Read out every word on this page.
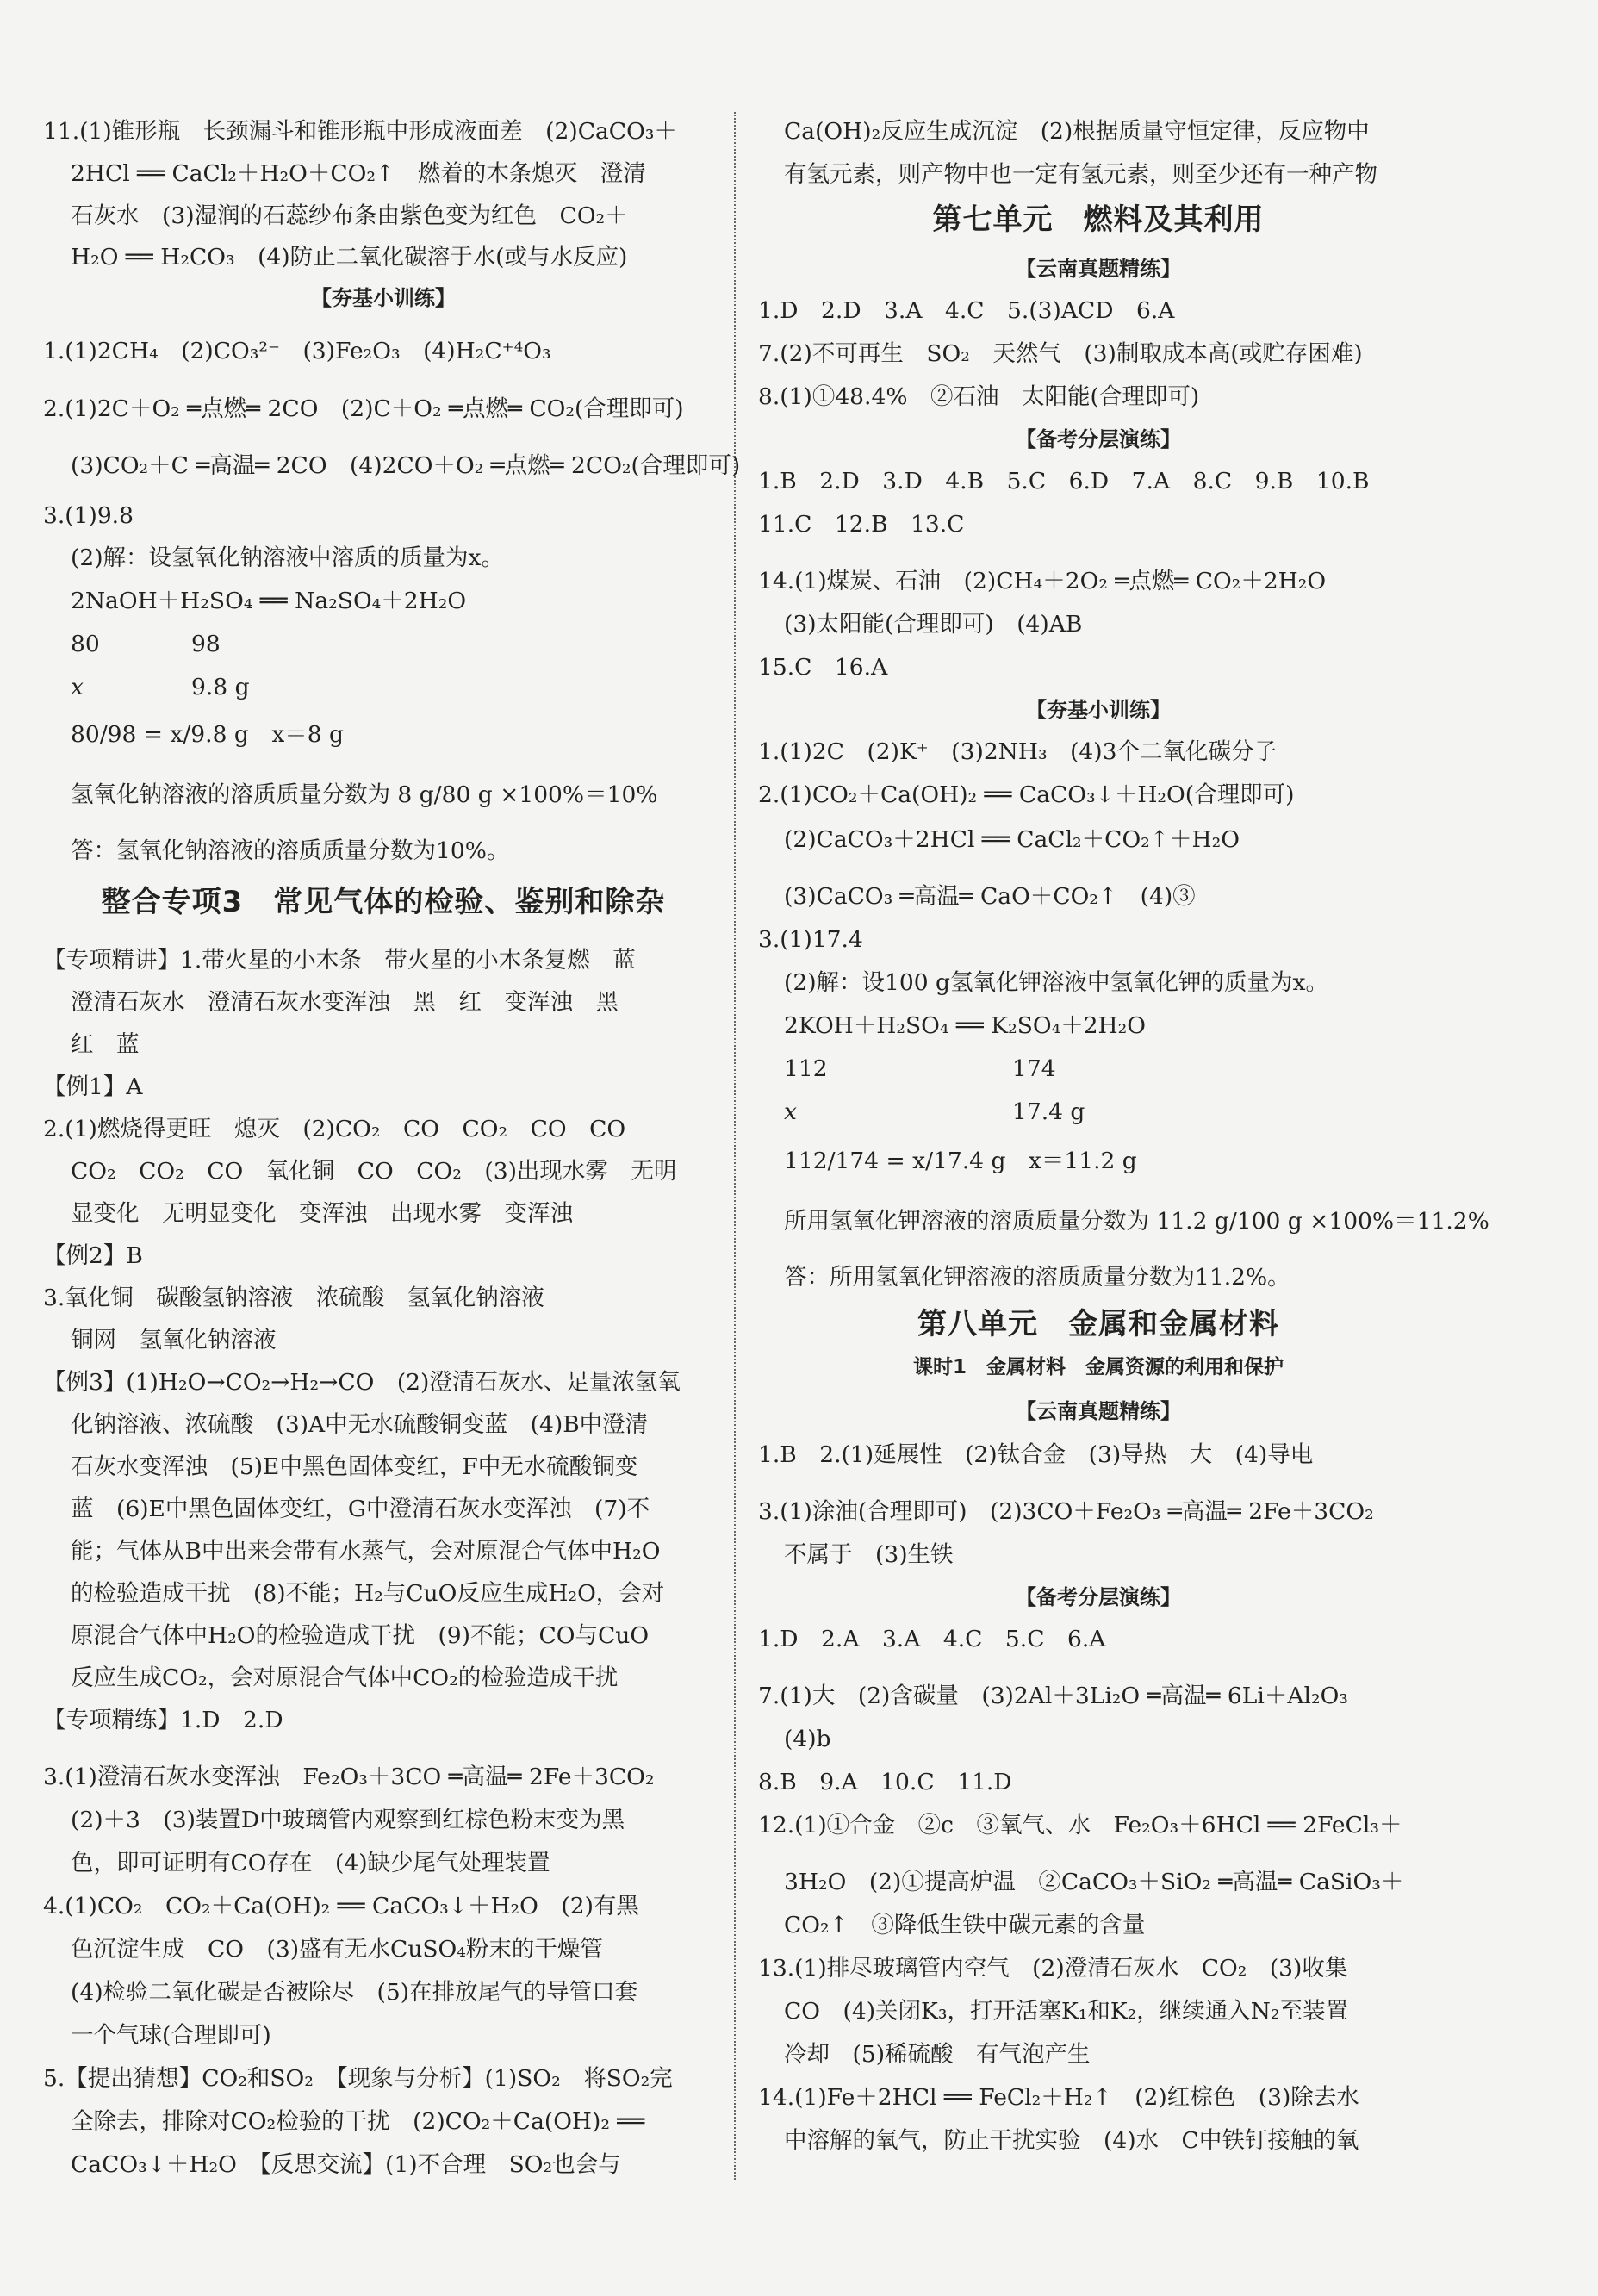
11.(1)锥形瓶　长颈漏斗和锥形瓶中形成液面差　(2)CaCO₃＋
2HCl ══ CaCl₂＋H₂O＋CO₂↑　燃着的木条熄灭　澄清
石灰水　(3)湿润的石蕊纱布条由紫色变为红色　CO₂＋
H₂O ══ H₂CO₃　(4)防止二氧化碳溶于水(或与水反应)
【夯基小训练】
1.(1)2CH₄　(2)CO₃²⁻　(3)Fe₂O₃　(4)H₂C⁺⁴O₃
2.(1)2C＋O₂ ═点燃═ 2CO　(2)C＋O₂ ═点燃═ CO₂(合理即可)
(3)CO₂＋C ═高温═ 2CO　(4)2CO＋O₂ ═点燃═ 2CO₂(合理即可)
3.(1)9.8
(2)解：设氢氧化钠溶液中溶质的质量为x。
2NaOH＋H₂SO₄ ══ Na₂SO₄＋2H₂O
80	98
x	9.8 g
80/98 = x/9.8 g　x＝8 g
氢氧化钠溶液的溶质质量分数为 8 g/80 g ×100%＝10%
答：氢氧化钠溶液的溶质质量分数为10%。
整合专项3　常见气体的检验、鉴别和除杂
【专项精讲】1.带火星的小木条　带火星的小木条复燃　蓝
澄清石灰水　澄清石灰水变浑浊　黑　红　变浑浊　黑
红　蓝
【例1】A
2.(1)燃烧得更旺　熄灭　(2)CO₂　CO　CO₂　CO　CO
CO₂　CO₂　CO　氧化铜　CO　CO₂　(3)出现水雾　无明
显变化　无明显变化　变浑浊　出现水雾　变浑浊
【例2】B
3.氧化铜　碳酸氢钠溶液　浓硫酸　氢氧化钠溶液
铜网　氢氧化钠溶液
【例3】(1)H₂O→CO₂→H₂→CO　(2)澄清石灰水、足量浓氢氧
化钠溶液、浓硫酸　(3)A中无水硫酸铜变蓝　(4)B中澄清
石灰水变浑浊　(5)E中黑色固体变红，F中无水硫酸铜变
蓝　(6)E中黑色固体变红，G中澄清石灰水变浑浊　(7)不
能；气体从B中出来会带有水蒸气，会对原混合气体中H₂O
的检验造成干扰　(8)不能；H₂与CuO反应生成H₂O，会对
原混合气体中H₂O的检验造成干扰　(9)不能；CO与CuO
反应生成CO₂，会对原混合气体中CO₂的检验造成干扰
【专项精练】1.D　2.D
3.(1)澄清石灰水变浑浊　Fe₂O₃＋3CO ═高温═ 2Fe＋3CO₂
(2)＋3　(3)装置D中玻璃管内观察到红棕色粉末变为黑
色，即可证明有CO存在　(4)缺少尾气处理装置
4.(1)CO₂　CO₂＋Ca(OH)₂ ══ CaCO₃↓＋H₂O　(2)有黑
色沉淀生成　CO　(3)盛有无水CuSO₄粉末的干燥管
(4)检验二氧化碳是否被除尽　(5)在排放尾气的导管口套
一个气球(合理即可)
5.【提出猜想】CO₂和SO₂　【现象与分析】(1)SO₂　将SO₂完
全除去，排除对CO₂检验的干扰　(2)CO₂＋Ca(OH)₂ ══
CaCO₃↓＋H₂O　【反思交流】(1)不合理　SO₂也会与
Ca(OH)₂反应生成沉淀　(2)根据质量守恒定律，反应物中
有氢元素，则产物中也一定有氢元素，则至少还有一种产物
第七单元　燃料及其利用
【云南真题精练】
1.D　2.D　3.A　4.C　5.(3)ACD　6.A
7.(2)不可再生　SO₂　天然气　(3)制取成本高(或贮存困难)
8.(1)①48.4%　②石油　太阳能(合理即可)
【备考分层演练】
1.B　2.D　3.D　4.B　5.C　6.D　7.A　8.C　9.B　10.B
11.C　12.B　13.C
14.(1)煤炭、石油　(2)CH₄＋2O₂ ═点燃═ CO₂＋2H₂O
(3)太阳能(合理即可)　(4)AB
15.C　16.A
【夯基小训练】
1.(1)2C　(2)K⁺　(3)2NH₃　(4)3个二氧化碳分子
2.(1)CO₂＋Ca(OH)₂ ══ CaCO₃↓＋H₂O(合理即可)
(2)CaCO₃＋2HCl ══ CaCl₂＋CO₂↑＋H₂O
(3)CaCO₃ ═高温═ CaO＋CO₂↑　(4)③
3.(1)17.4
(2)解：设100 g氢氧化钾溶液中氢氧化钾的质量为x。
2KOH＋H₂SO₄ ══ K₂SO₄＋2H₂O
112	174
x	17.4 g
112/174 = x/17.4 g　x＝11.2 g
所用氢氧化钾溶液的溶质质量分数为 11.2 g/100 g ×100%＝11.2%
答：所用氢氧化钾溶液的溶质质量分数为11.2%。
第八单元　金属和金属材料
课时1　金属材料　金属资源的利用和保护
【云南真题精练】
1.B　2.(1)延展性　(2)钛合金　(3)导热　大　(4)导电
3.(1)涂油(合理即可)　(2)3CO＋Fe₂O₃ ═高温═ 2Fe＋3CO₂
不属于　(3)生铁
【备考分层演练】
1.D　2.A　3.A　4.C　5.C　6.A
7.(1)大　(2)含碳量　(3)2Al＋3Li₂O ═高温═ 6Li＋Al₂O₃
(4)b
8.B　9.A　10.C　11.D
12.(1)①合金　②c　③氧气、水　Fe₂O₃＋6HCl ══ 2FeCl₃＋
3H₂O　(2)①提高炉温　②CaCO₃＋SiO₂ ═高温═ CaSiO₃＋
CO₂↑　③降低生铁中碳元素的含量
13.(1)排尽玻璃管内空气　(2)澄清石灰水　CO₂　(3)收集
CO　(4)关闭K₃，打开活塞K₁和K₂，继续通入N₂至装置
冷却　(5)稀硫酸　有气泡产生
14.(1)Fe＋2HCl ══ FeCl₂＋H₂↑　(2)红棕色　(3)除去水
中溶解的氧气，防止干扰实验　(4)水　C中铁钉接触的氧
